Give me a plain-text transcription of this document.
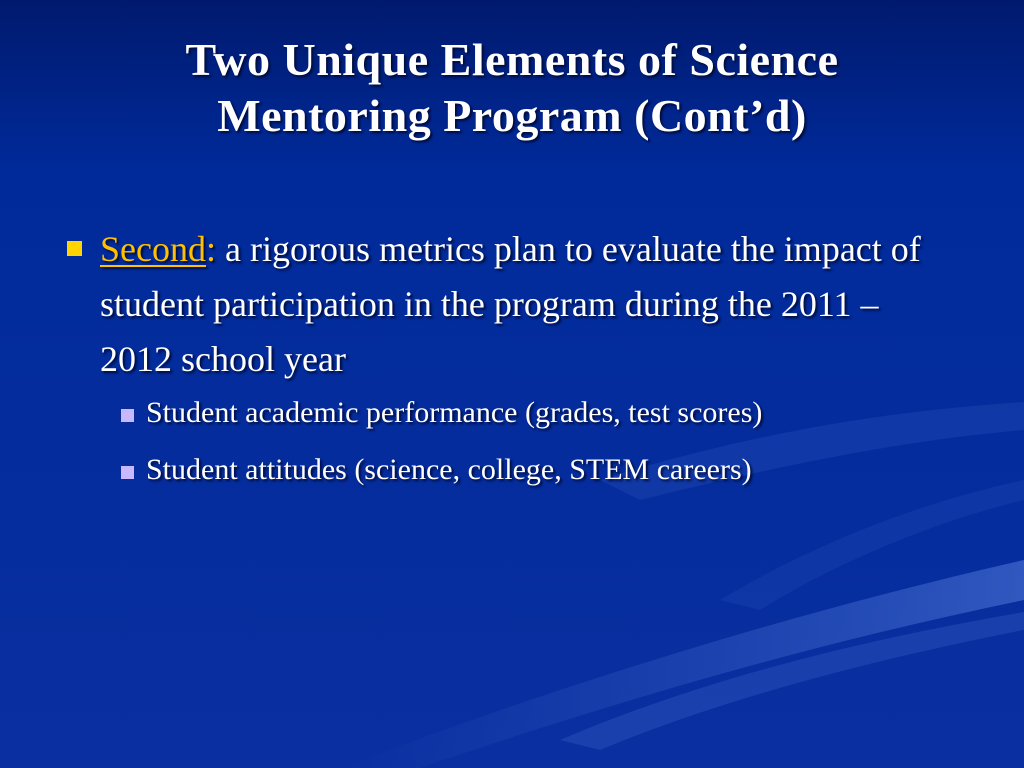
Two Unique Elements of Science
Mentoring Program (Cont’d)
Second: a rigorous metrics plan to evaluate the impact of student participation in the program during the 2011 – 2012 school year
Student academic performance (grades, test scores)
Student attitudes (science, college, STEM careers)
